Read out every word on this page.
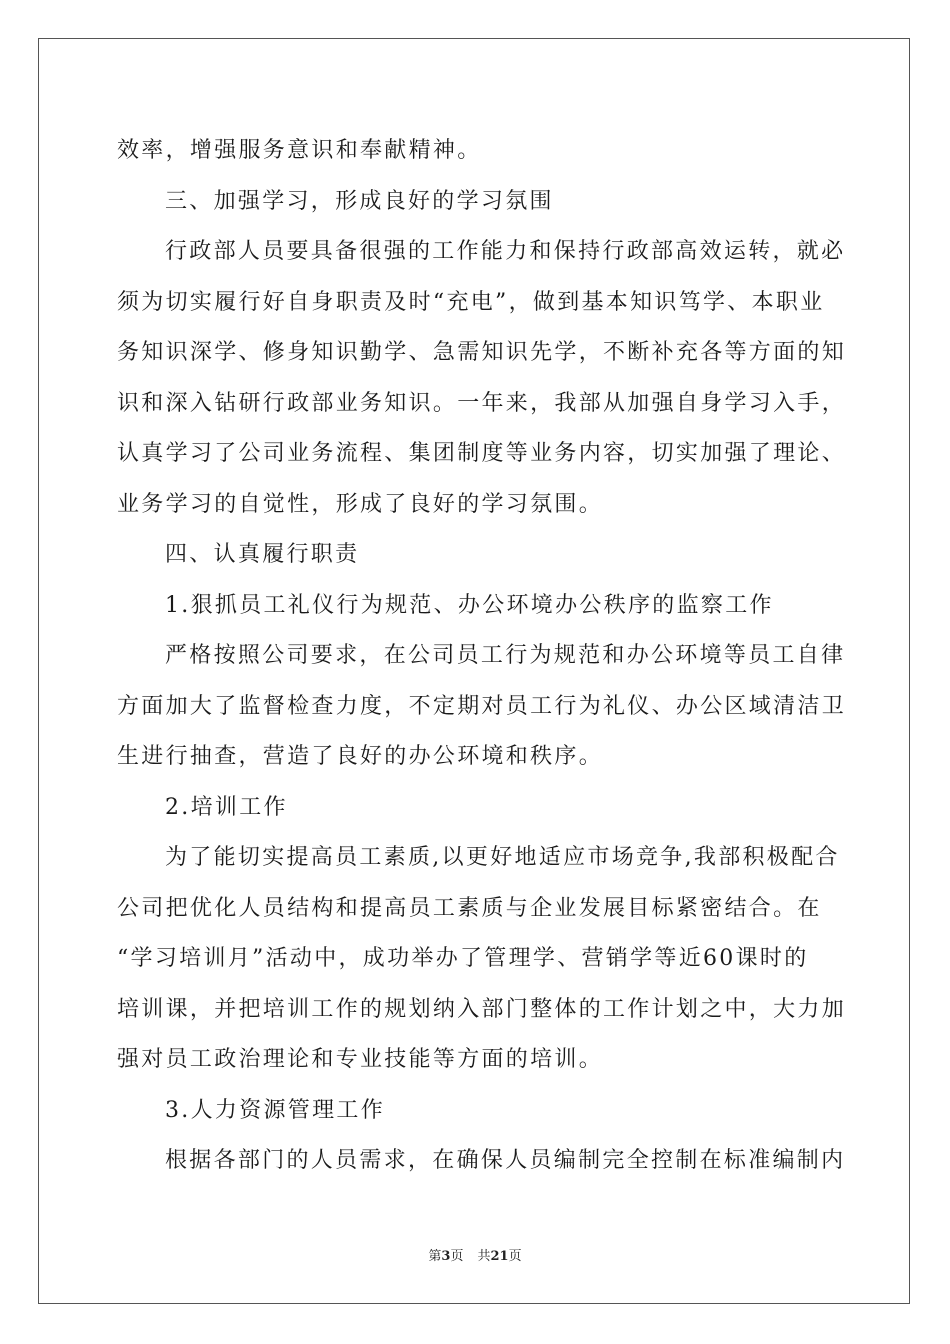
效率，增强服务意识和奉献精神。
三、加强学习，形成良好的学习氛围
行政部人员要具备很强的工作能力和保持行政部高效运转，就必
须为切实履行好自身职责及时“充电”，做到基本知识笃学、本职业
务知识深学、修身知识勤学、急需知识先学，不断补充各等方面的知
识和深入钻研行政部业务知识。一年来，我部从加强自身学习入手，
认真学习了公司业务流程、集团制度等业务内容，切实加强了理论、
业务学习的自觉性，形成了良好的学习氛围。
四、认真履行职责
1.狠抓员工礼仪行为规范、办公环境办公秩序的监察工作
严格按照公司要求，在公司员工行为规范和办公环境等员工自律
方面加大了监督检查力度，不定期对员工行为礼仪、办公区域清洁卫
生进行抽查，营造了良好的办公环境和秩序。
2.培训工作
为了能切实提高员工素质,以更好地适应市场竞争,我部积极配合
公司把优化人员结构和提高员工素质与企业发展目标紧密结合。在
“学习培训月”活动中，成功举办了管理学、营销学等近60课时的
培训课，并把培训工作的规划纳入部门整体的工作计划之中，大力加
强对员工政治理论和专业技能等方面的培训。
3.人力资源管理工作
根据各部门的人员需求，在确保人员编制完全控制在标准编制内
第3页 共21页
